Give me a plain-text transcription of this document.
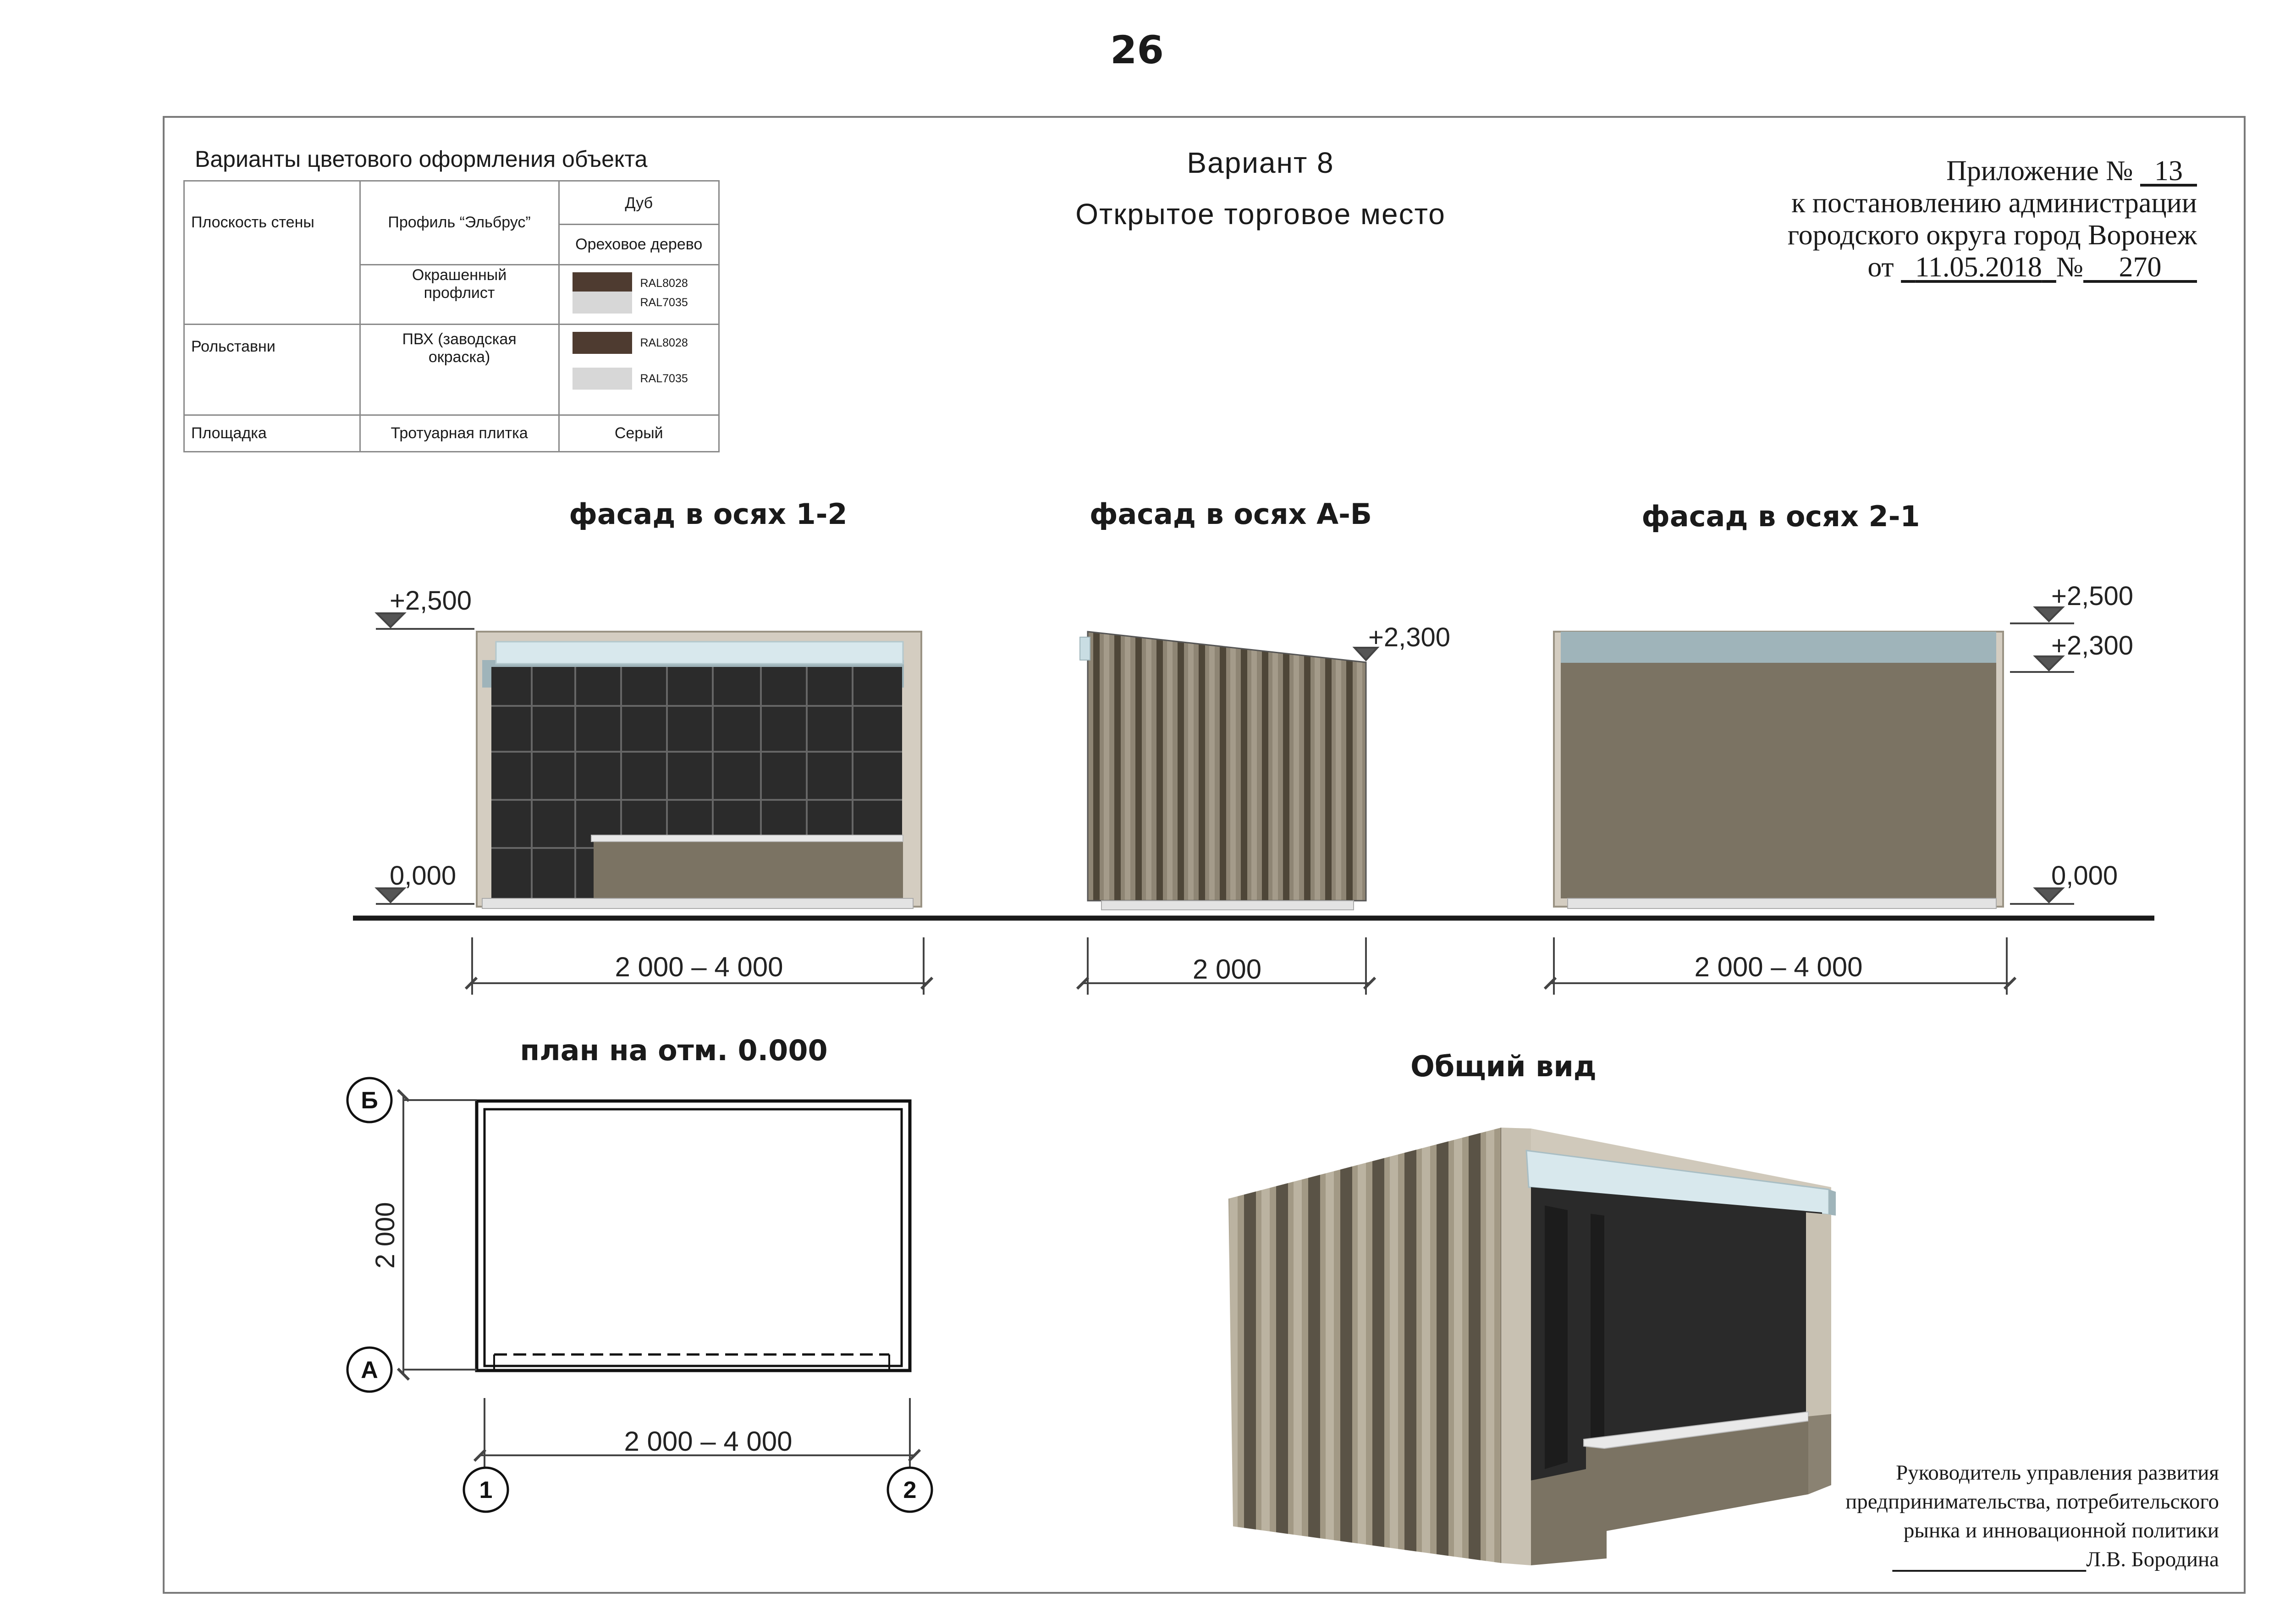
26
Варианты цветового оформления объекта
Плоскость стены	Профиль “Эльбрус”	Дуб
		Ореховое дерево
	Окрашенный профлист	RAL8028
RAL7035

Рольставни	ПВХ (заводская окраска)	RAL8028
RAL7035

Площадка	Тротуарная плитка	Серый
Вариант 8
Открытое торговое место
Приложение № 13
к постановлению администрации
городского округа город Воронеж
от 11.05.2018 № 270
фасад в осях 1-2	фасад в осях А-Б	фасад в осях 2-1
план на отм. 0.000	Общий вид
+2,500
0,000
+2,300
+2,500
+2,300
0,000
2 000 – 4 000	2 000	2 000 – 4 000
2 000
2 000 – 4 000
Б
А
1	2
Руководитель управления развития
предпринимательства, потребительского
рынка и инновационной политики
Л.В. Бородина
